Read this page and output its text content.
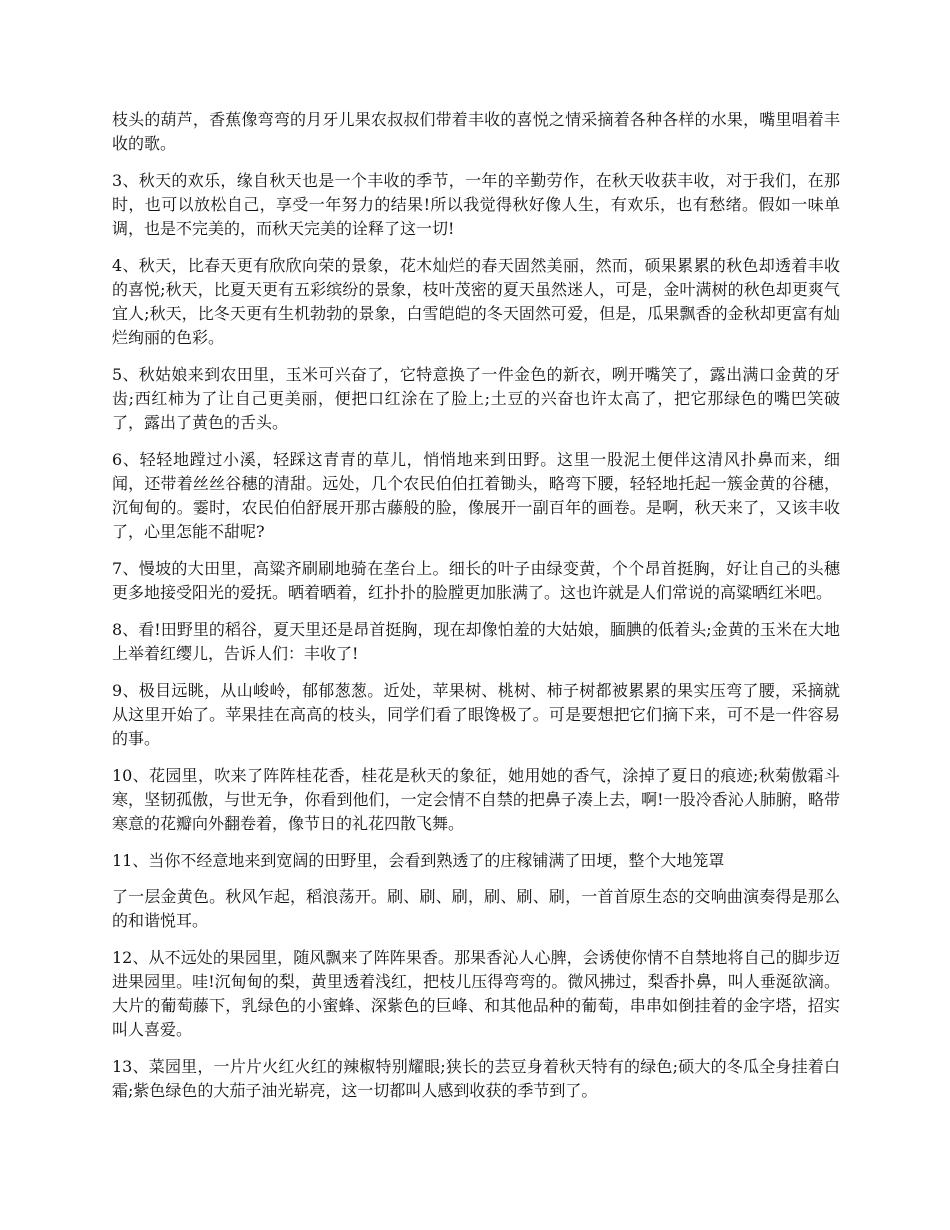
枝头的葫芦，香蕉像弯弯的月牙儿果农叔叔们带着丰收的喜悦之情采摘着各种各样的水果，嘴里唱着丰收的歌。

3、秋天的欢乐，缘自秋天也是一个丰收的季节，一年的辛勤劳作，在秋天收获丰收，对于我们，在那时，也可以放松自己，享受一年努力的结果!所以我觉得秋好像人生，有欢乐，也有愁绪。假如一味单调，也是不完美的，而秋天完美的诠释了这一切!

4、秋天，比春天更有欣欣向荣的景象，花木灿烂的春天固然美丽，然而，硕果累累的秋色却透着丰收的喜悦;秋天，比夏天更有五彩缤纷的景象，枝叶茂密的夏天虽然迷人，可是，金叶满树的秋色却更爽气宜人;秋天，比冬天更有生机勃勃的景象，白雪皑皑的冬天固然可爱，但是，瓜果飘香的金秋却更富有灿烂绚丽的色彩。

5、秋姑娘来到农田里，玉米可兴奋了，它特意换了一件金色的新衣，咧开嘴笑了，露出满口金黄的牙齿;西红柿为了让自己更美丽，便把口红涂在了脸上;土豆的兴奋也许太高了，把它那绿色的嘴巴笑破了，露出了黄色的舌头。

6、轻轻地蹚过小溪，轻踩这青青的草儿，悄悄地来到田野。这里一股泥土便伴这清风扑鼻而来，细闻，还带着丝丝谷穗的清甜。远处，几个农民伯伯扛着锄头，略弯下腰，轻轻地托起一簇金黄的谷穗，沉甸甸的。霎时，农民伯伯舒展开那古藤般的脸，像展开一副百年的画卷。是啊，秋天来了，又该丰收了，心里怎能不甜呢?

7、慢坡的大田里，高粱齐刷刷地骑在垄台上。细长的叶子由绿变黄，个个昂首挺胸，好让自己的头穗更多地接受阳光的爱抚。晒着晒着，红扑扑的脸膛更加胀满了。这也许就是人们常说的高粱晒红米吧。

8、看!田野里的稻谷，夏天里还是昂首挺胸，现在却像怕羞的大姑娘，腼腆的低着头;金黄的玉米在大地上举着红缨儿，告诉人们：丰收了!

9、极目远眺，从山峻岭，郁郁葱葱。近处，苹果树、桃树、柿子树都被累累的果实压弯了腰，采摘就从这里开始了。苹果挂在高高的枝头，同学们看了眼馋极了。可是要想把它们摘下来，可不是一件容易的事。

10、花园里，吹来了阵阵桂花香，桂花是秋天的象征，她用她的香气，涂掉了夏日的痕迹;秋菊傲霜斗寒，坚韧孤傲，与世无争，你看到他们，一定会情不自禁的把鼻子凑上去，啊!一股冷香沁人肺腑，略带寒意的花瓣向外翻卷着，像节日的礼花四散飞舞。

11、当你不经意地来到宽阔的田野里，会看到熟透了的庄稼铺满了田埂，整个大地笼罩

了一层金黄色。秋风乍起，稻浪荡开。刷、刷、刷，刷、刷、刷，一首首原生态的交响曲演奏得是那么的和谐悦耳。

12、从不远处的果园里，随风飘来了阵阵果香。那果香沁人心脾，会诱使你情不自禁地将自己的脚步迈进果园里。哇!沉甸甸的梨，黄里透着浅红，把枝儿压得弯弯的。微风拂过，梨香扑鼻，叫人垂涎欲滴。大片的葡萄藤下，乳绿色的小蜜蜂、深紫色的巨峰、和其他品种的葡萄，串串如倒挂着的金字塔，招实叫人喜爱。

13、菜园里，一片片火红火红的辣椒特别耀眼;狭长的芸豆身着秋天特有的绿色;硕大的冬瓜全身挂着白霜;紫色绿色的大茄子油光崭亮，这一切都叫人感到收获的季节到了。
